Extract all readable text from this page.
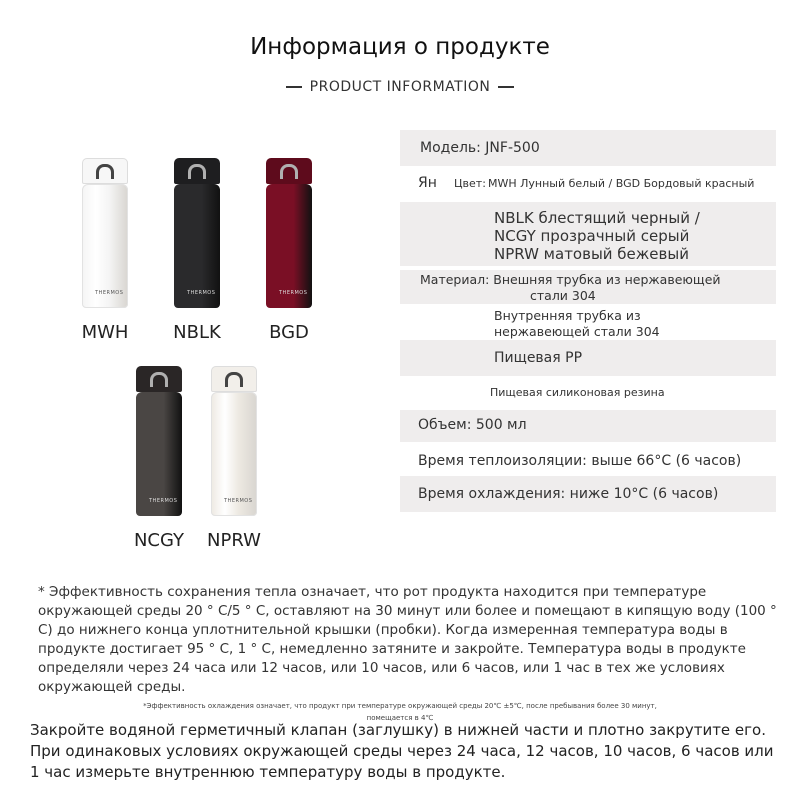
Информация о продукте
PRODUCT INFORMATION
THERMOS
MWH
THERMOS
NBLK
THERMOS
BGD
THERMOS
NCGY
THERMOS
NPRW
Модель: JNF-500
Ян Цвет: MWH Лунный белый / BGD Бордовый красный
NBLK блестящий черный /
NCGY прозрачный серый
NPRW матовый бежевый
Материал: Внешняя трубка из нержавеющей
стали 304
Внутренняя трубка из
нержавеющей стали 304
Пищевая PP
Пищевая силиконовая резина
Объем: 500 мл
Время теплоизоляции: выше 66°C (6 часов)
Время охлаждения: ниже 10°C (6 часов)
* Эффективность сохранения тепла означает, что рот продукта находится при температуре окружающей среды 20 ° C/5 ° C, оставляют на 30 минут или более и помещают в кипящую воду (100 ° C) до нижнего конца уплотнительной крышки (пробки). Когда измеренная температура воды в продукте достигает 95 ° C, 1 ° C, немедленно затяните и закройте. Температура воды в продукте определяли через 24 часа или 12 часов, или 10 часов, или 6 часов, или 1 час в тех же условиях окружающей среды.
*Эффективность охлаждения означает, что продукт при температуре окружающей среды 20℃ ±5℃, после пребывания более 30 минут,
помещается в 4℃
Закройте водяной герметичный клапан (заглушку) в нижней части и плотно закрутите его. При одинаковых условиях окружающей среды через 24 часа, 12 часов, 10 часов, 6 часов или 1 час измерьте внутреннюю температуру воды в продукте.
